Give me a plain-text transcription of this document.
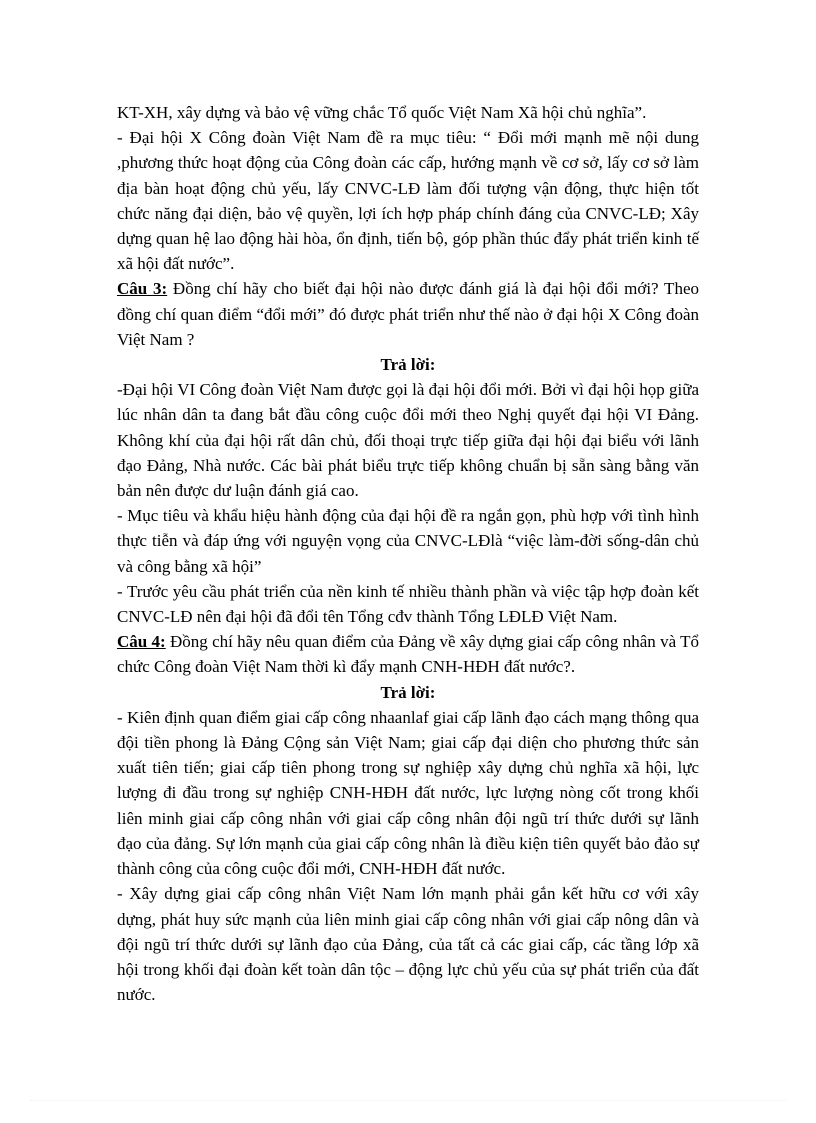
KT-XH, xây dựng và bảo vệ vững chắc Tổ quốc Việt Nam Xã hội chủ nghĩa”.

- Đại hội X Công đoàn Việt Nam đề ra mục tiêu: “ Đổi mới mạnh mẽ nội dung ,phương thức hoạt động của Công đoàn các cấp, hướng mạnh về cơ sở, lấy cơ sở làm địa bàn hoạt động chủ yếu, lấy CNVC-LĐ làm đối tượng vận động, thực hiện tốt chức năng đại diện, bảo vệ quyền, lợi ích hợp pháp chính đáng của CNVC-LĐ; Xây dựng quan hệ lao động hài hòa, ổn định, tiến bộ, góp phần thúc đẩy phát triển kinh tế xã hội đất nước”.

Câu 3: Đồng chí hãy cho biết đại hội nào được đánh giá là đại hội đổi mới? Theo đồng chí quan điểm “đổi mới” đó được phát triển như thế nào ở đại hội X Công đoàn Việt Nam ?

Trả lời:

-Đại hội VI Công đoàn Việt Nam được gọi là đại hội đổi mới. Bởi vì đại hội họp giữa lúc nhân dân ta đang bắt đầu công cuộc đổi mới theo Nghị quyết đại hội VI Đảng. Không khí của đại hội rất dân chủ, đối thoại trực tiếp giữa đại hội đại biểu với lãnh đạo Đảng, Nhà nước. Các bài phát biểu trực tiếp không chuẩn bị sẵn sàng bằng văn bản nên được dư luận đánh giá cao.

- Mục tiêu và khẩu hiệu hành động của đại hội đề ra ngắn gọn, phù hợp với tình hình thực tiễn và đáp ứng với nguyện vọng của CNVC-LĐlà “việc làm-đời sống-dân chủ và công bằng xã hội”

- Trước yêu cầu phát triển của nền kinh tế nhiều thành phần và việc tập hợp đoàn kết CNVC-LĐ nên đại hội đã đổi tên Tổng cđv thành Tổng LĐLĐ Việt Nam.

Câu 4: Đồng chí hãy nêu quan điểm của Đảng về xây dựng giai cấp công nhân và Tổ chức Công đoàn Việt Nam thời kì đẩy mạnh CNH-HĐH đất nước?.

Trả lời:

- Kiên định quan điểm giai cấp công nhaanlaf giai cấp lãnh đạo cách mạng thông qua đội tiền phong là Đảng Cộng sản Việt Nam; giai cấp đại diện cho phương thức sản xuất tiên tiến; giai cấp tiên phong trong sự nghiệp xây dựng chủ nghĩa xã hội, lực lượng đi đầu trong sự nghiệp CNH-HĐH đất nước, lực lượng nòng cốt trong khối liên minh giai cấp công nhân với giai cấp công nhân đội ngũ trí thức dưới sự lãnh đạo của đảng. Sự lớn mạnh của giai cấp công nhân là điều kiện tiên quyết bảo đảo sự thành công của công cuộc đổi mới, CNH-HĐH đất nước.

- Xây dựng giai cấp công nhân Việt Nam lớn mạnh phải gắn kết hữu cơ với xây dựng, phát huy sức mạnh của liên minh giai cấp công nhân với giai cấp nông dân và đội ngũ trí thức dưới sự lãnh đạo của Đảng, của tất cả các giai cấp, các tầng lớp xã hội trong khối đại đoàn kết toàn dân tộc – động lực chủ yếu của sự phát triển của đất nước.
